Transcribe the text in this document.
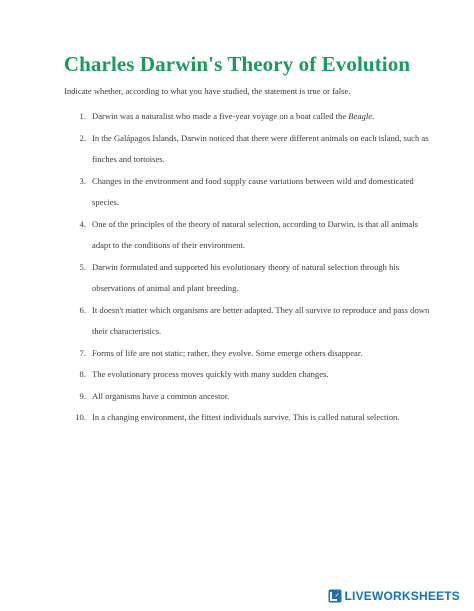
Charles Darwin's Theory of Evolution

Indicate whether, according to what you have studied, the statement is true or false.

1. Darwin was a naturalist who made a five-year voyage on a boat called the Beagle.
2. In the Galápagos Islands, Darwin noticed that there were different animals on each island, such as finches and tortoises.
3. Changes in the environment and food supply cause variations between wild and domesticated species.
4. One of the principles of the theory of natural selection, according to Darwin, is that all animals adapt to the conditions of their environment.
5. Darwin formulated and supported his evolutionary theory of natural selection through his observations of animal and plant breeding.
6. It doesn't matter which organisms are better adapted. They all survive to reproduce and pass down their characteristics.
7. Forms of life are not static; rather, they evolve. Some emerge others disappear.
8. The evolutionary process moves quickly with many sudden changes.
9. All organisms have a common ancestor.
10. In a changing environment, the fittest individuals survive. This is called natural selection.
LIVEWORKSHEETS
